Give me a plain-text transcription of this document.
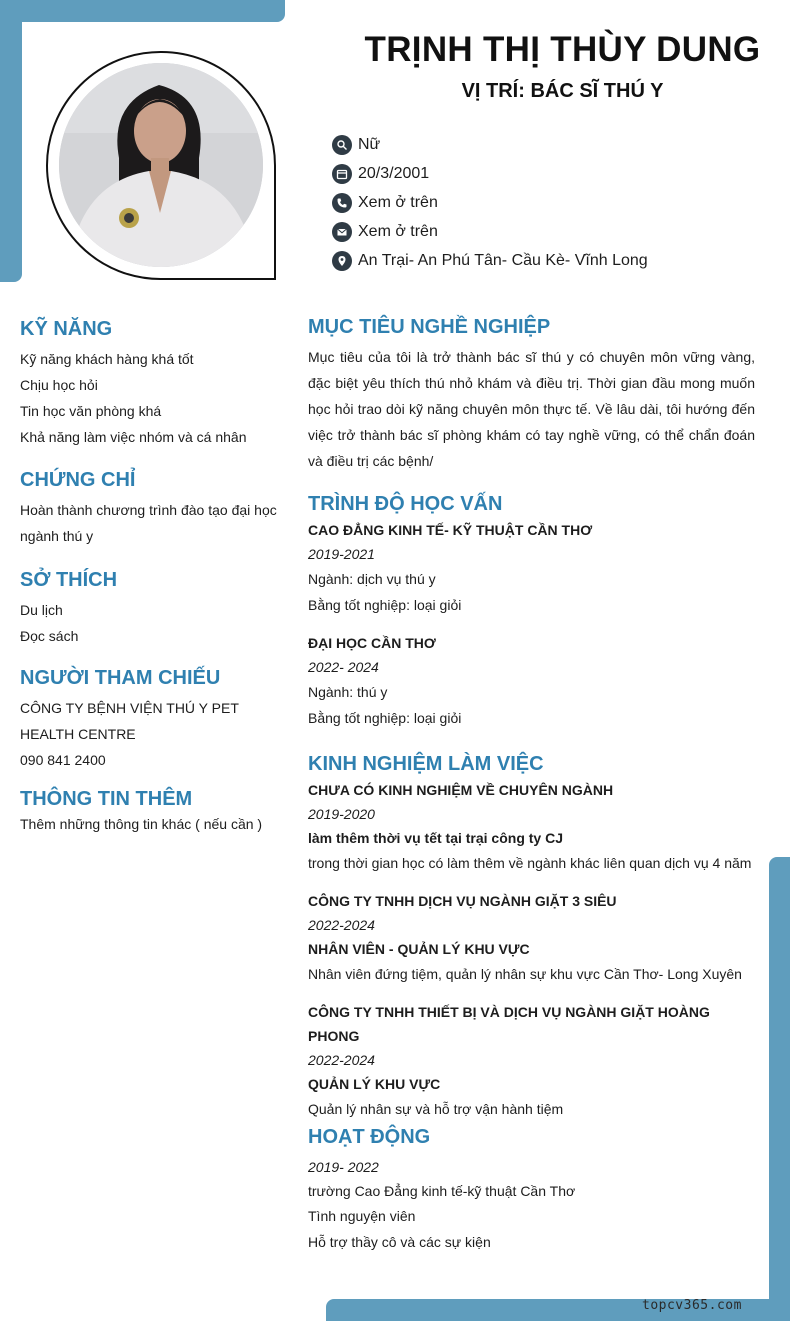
topcv365.com
TRỊNH THỊ THÙY DUNG
VỊ TRÍ: BÁC SĨ THÚ Y
Nữ
20/3/2001
Xem ở trên
Xem ở trên
An Trại- An Phú Tân- Cầu Kè- Vĩnh Long
KỸ NĂNG
Kỹ năng khách hàng khá tốt
Chịu học hỏi
Tin học văn phòng khá
Khả năng làm việc nhóm và cá nhân
CHỨNG CHỈ
Hoàn thành chương trình đào tạo đại học
ngành thú y
SỞ THÍCH
Du lịch
Đọc sách
NGƯỜI THAM CHIẾU
CÔNG TY BỆNH VIỆN THÚ Y PET
HEALTH CENTRE
090 841 2400
THÔNG TIN THÊM
Thêm những thông tin khác ( nếu cần )
MỤC TIÊU NGHỀ NGHIỆP
Mục tiêu của tôi là trở thành bác sĩ thú y có chuyên môn vững vàng, đặc biệt yêu thích thú nhỏ khám và điều trị. Thời gian đầu mong muốn học hỏi trao dòi kỹ năng chuyên môn thực tế. Về lâu dài, tôi hướng đến việc trở thành bác sĩ phòng khám có tay nghề vững, có thể chẩn đoán và điều trị các bệnh/
TRÌNH ĐỘ HỌC VẤN
CAO ĐẲNG KINH TẾ- KỸ THUẬT CẦN THƠ
2019-2021
Ngành: dịch vụ thú y
Bằng tốt nghiệp: loại giỏi
ĐẠI HỌC CẦN THƠ
2022- 2024
Ngành: thú y
Bằng tốt nghiệp: loại giỏi
KINH NGHIỆM LÀM VIỆC
CHƯA CÓ KINH NGHIỆM VỀ CHUYÊN NGÀNH
2019-2020
làm thêm thời vụ tết tại trại công ty CJ
trong thời gian học có làm thêm về ngành khác liên quan dịch vụ 4 năm
CÔNG TY TNHH DỊCH VỤ NGÀNH GIẶT 3 SIÊU
2022-2024
NHÂN VIÊN - QUẢN LÝ KHU VỰC
Nhân viên đứng tiệm, quản lý nhân sự khu vực Cần Thơ- Long Xuyên
CÔNG TY TNHH THIẾT BỊ VÀ DỊCH VỤ NGÀNH GIẶT HOÀNG PHONG
2022-2024
QUẢN LÝ KHU VỰC
Quản lý nhân sự và hỗ trợ vận hành tiệm
HOẠT ĐỘNG
2019- 2022
trường Cao Đẳng kinh tế-kỹ thuật Cần Thơ
Tình nguyện viên
Hỗ trợ thầy cô và các sự kiện
